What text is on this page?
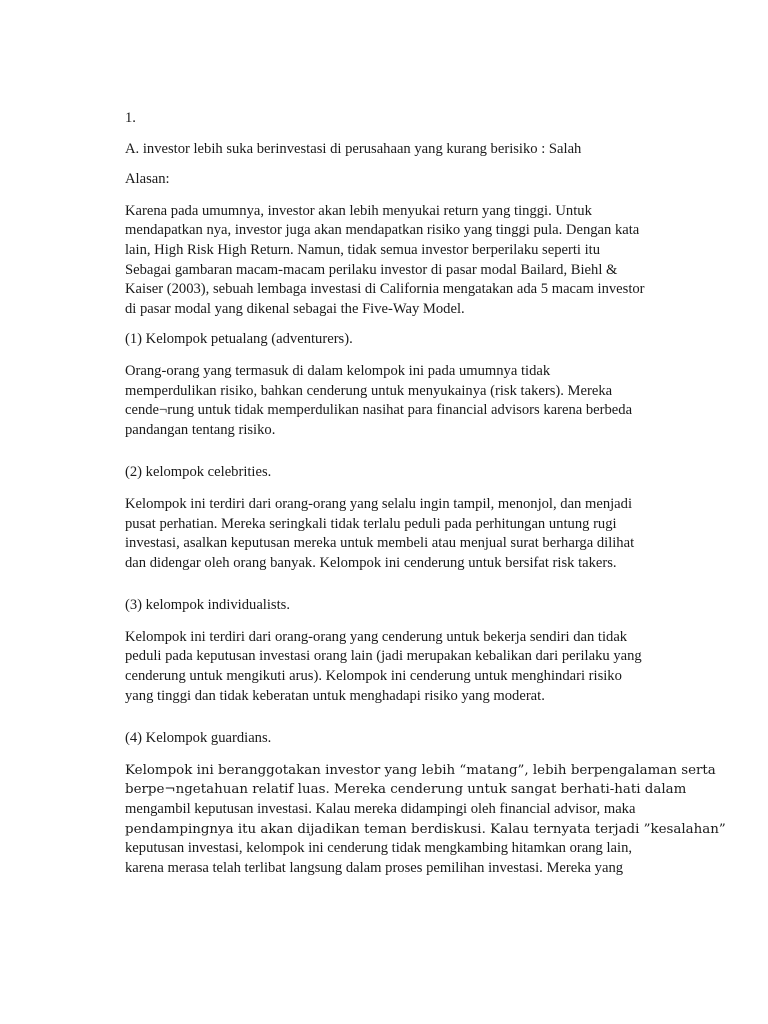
1.

A. investor lebih suka berinvestasi di perusahaan yang kurang berisiko : Salah

Alasan:

Karena pada umumnya, investor akan lebih menyukai return yang tinggi. Untuk
mendapatkan nya, investor juga akan mendapatkan risiko yang tinggi pula. Dengan kata
lain, High Risk High Return. Namun, tidak semua investor berperilaku seperti itu
Sebagai gambaran macam-macam perilaku investor di pasar modal Bailard, Biehl &
Kaiser (2003), sebuah lembaga investasi di California mengatakan ada 5 macam investor
di pasar modal yang dikenal sebagai the Five-Way Model.

(1) Kelompok petualang (adventurers).

Orang-orang yang termasuk di dalam kelompok ini pada umumnya tidak
memperdulikan risiko, bahkan cenderung untuk menyukainya (risk takers). Mereka
cende¬rung untuk tidak memperdulikan nasihat para financial advisors karena berbeda
pandangan tentang risiko.

(2) kelompok celebrities.

Kelompok ini terdiri dari orang-orang yang selalu ingin tampil, menonjol, dan menjadi
pusat perhatian. Mereka seringkali tidak terlalu peduli pada perhitungan untung rugi
investasi, asalkan keputusan mereka untuk membeli atau menjual surat berharga dilihat
dan didengar oleh orang banyak. Kelompok ini cenderung untuk bersifat risk takers.

(3) kelompok individualists.

Kelompok ini terdiri dari orang-orang yang cenderung untuk bekerja sendiri dan tidak
peduli pada keputusan investasi orang lain (jadi merupakan kebalikan dari perilaku yang
cenderung untuk mengikuti arus). Kelompok ini cenderung untuk menghindari risiko
yang tinggi dan tidak keberatan untuk menghadapi risiko yang moderat.

(4) Kelompok guardians.

Kelompok ini beranggotakan investor yang lebih “matang”, lebih berpengalaman serta
berpe¬ngetahuan relatif luas. Mereka cenderung untuk sangat berhati-hati dalam
mengambil keputusan investasi. Kalau mereka didampingi oleh financial advisor, maka
pendampingnya itu akan dijadikan teman berdiskusi. Kalau ternyata terjadi ”kesalahan”
keputusan investasi, kelompok ini cenderung tidak mengkambing hitamkan orang lain,
karena merasa telah terlibat langsung dalam proses pemilihan investasi. Mereka yang
